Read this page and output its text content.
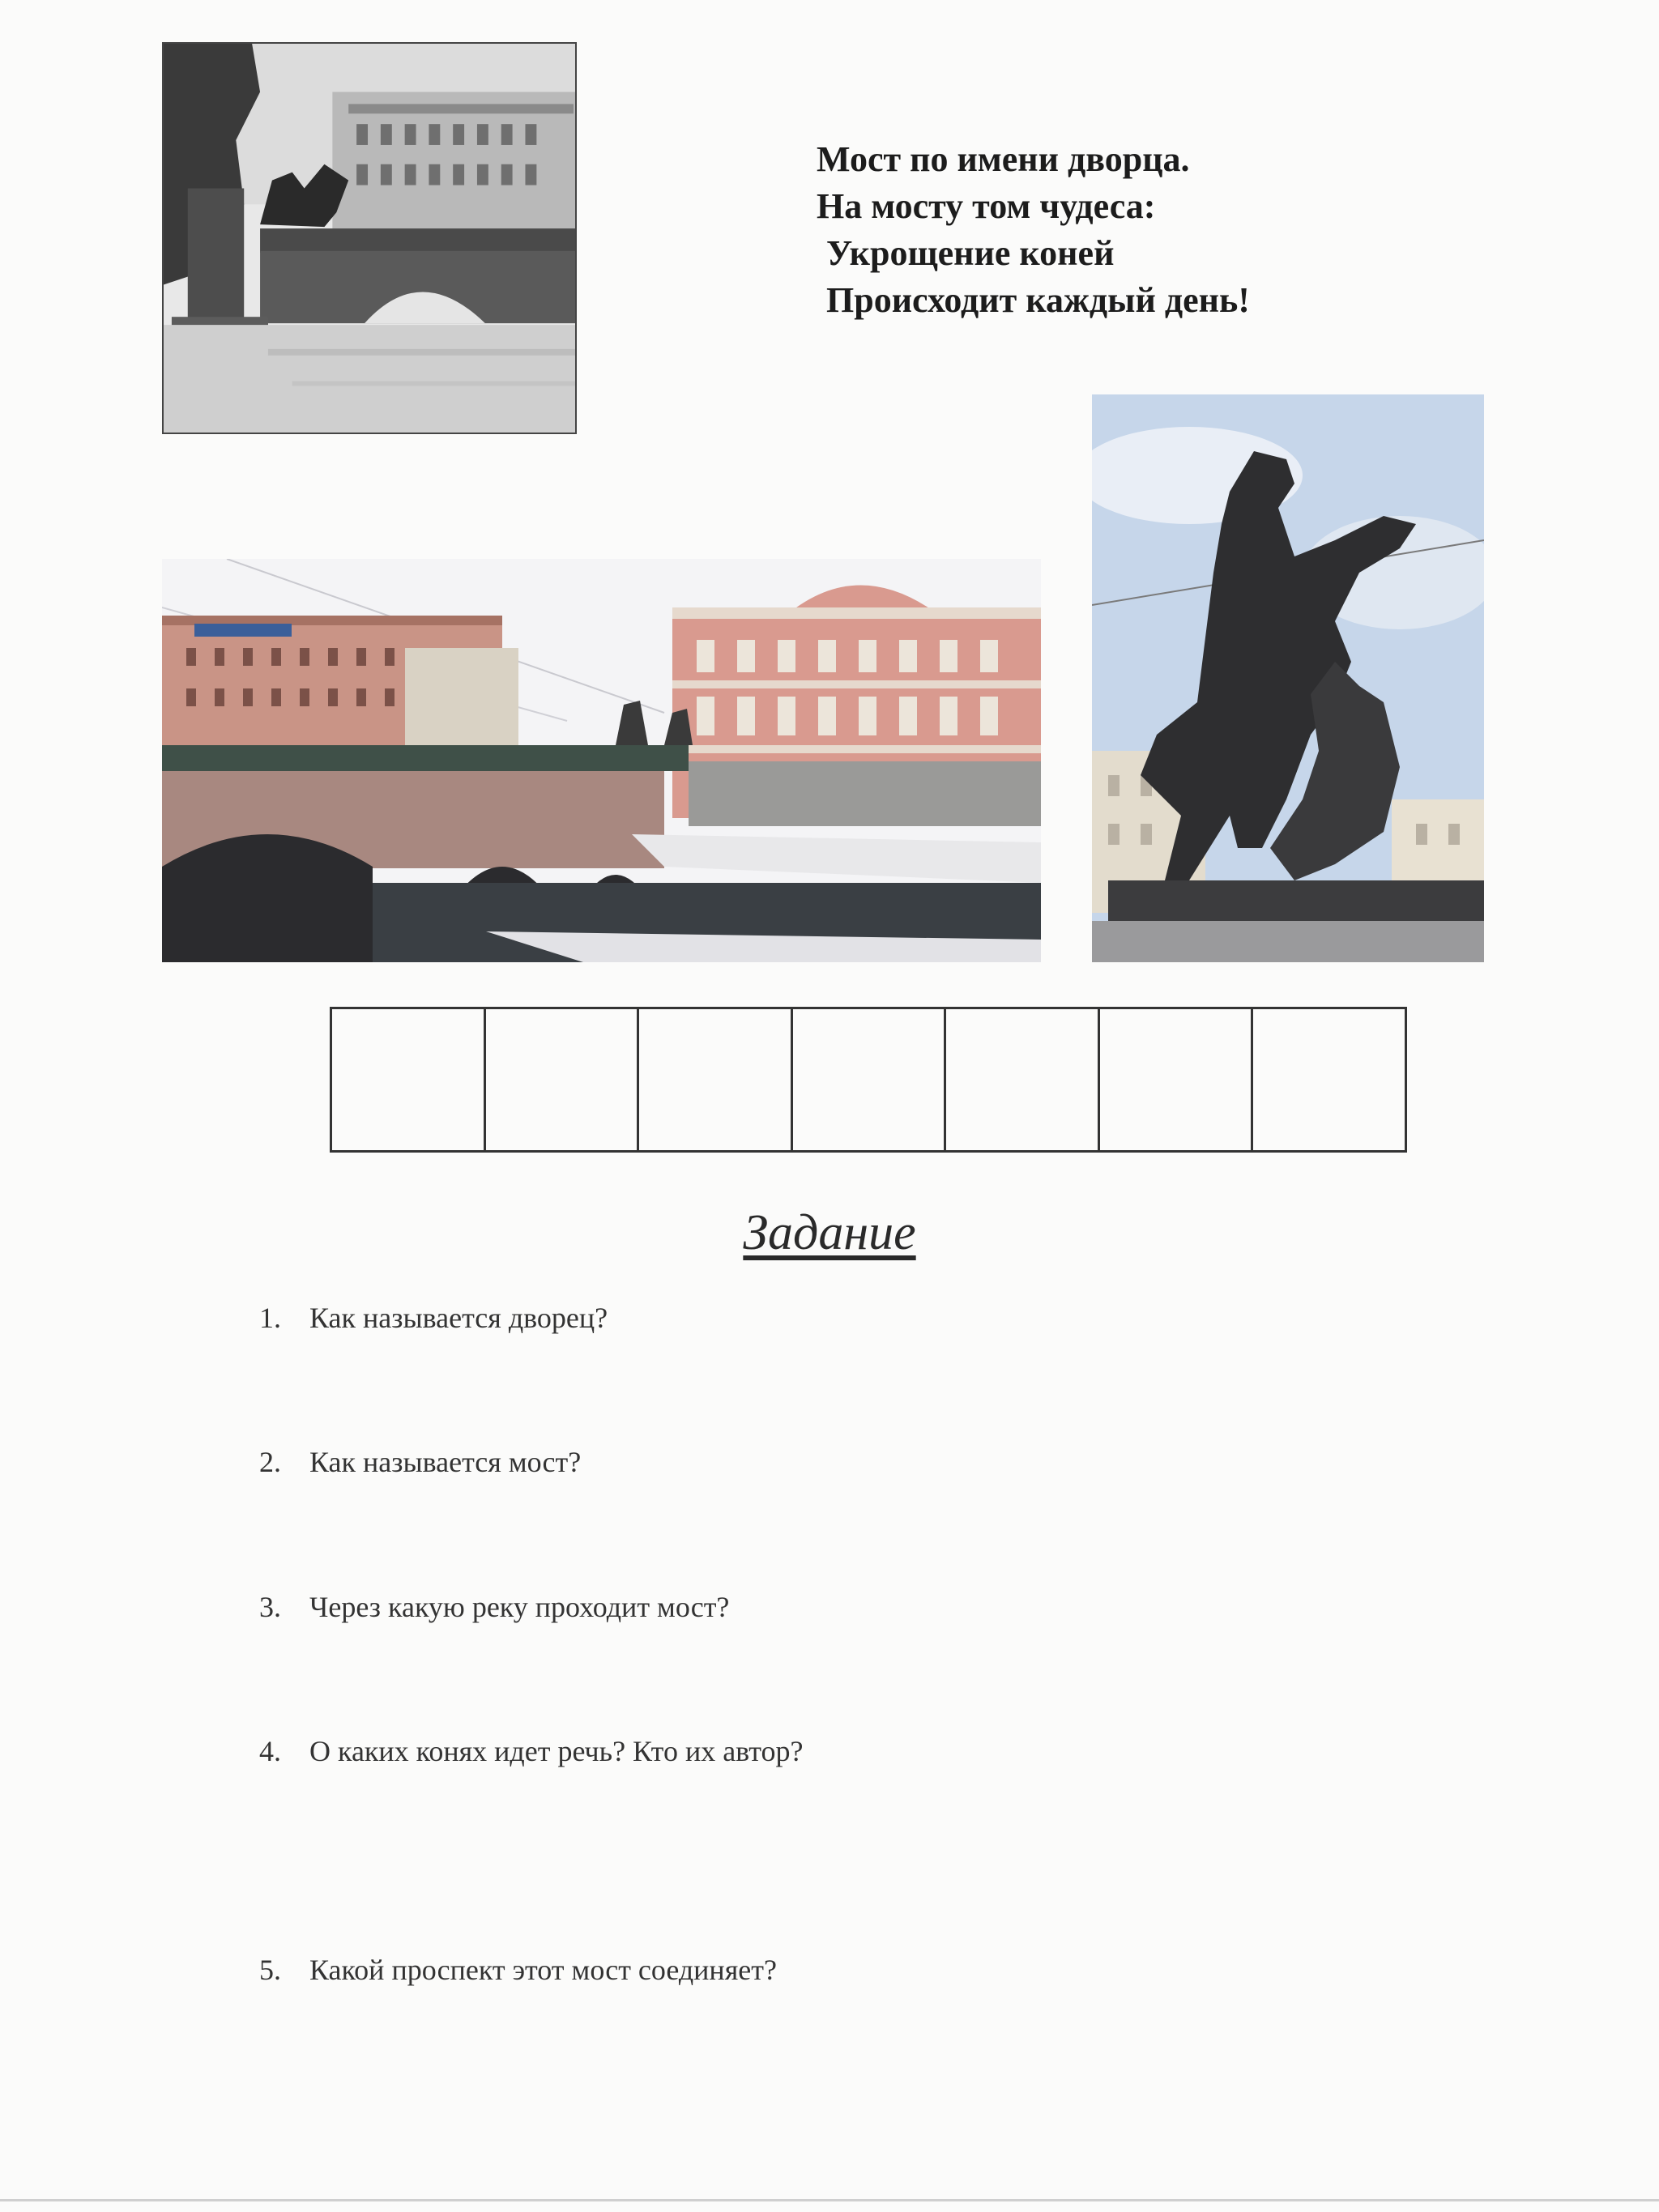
Мост по имени дворца.
На мосту том чудеса:
Укрощение коней
Происходит каждый день!
Задание
1. Как называется дворец?
2. Как называется мост?
3. Через какую реку проходит мост?
4. О каких конях идет речь? Кто их автор?
5. Какой проспект этот мост соединяет?
